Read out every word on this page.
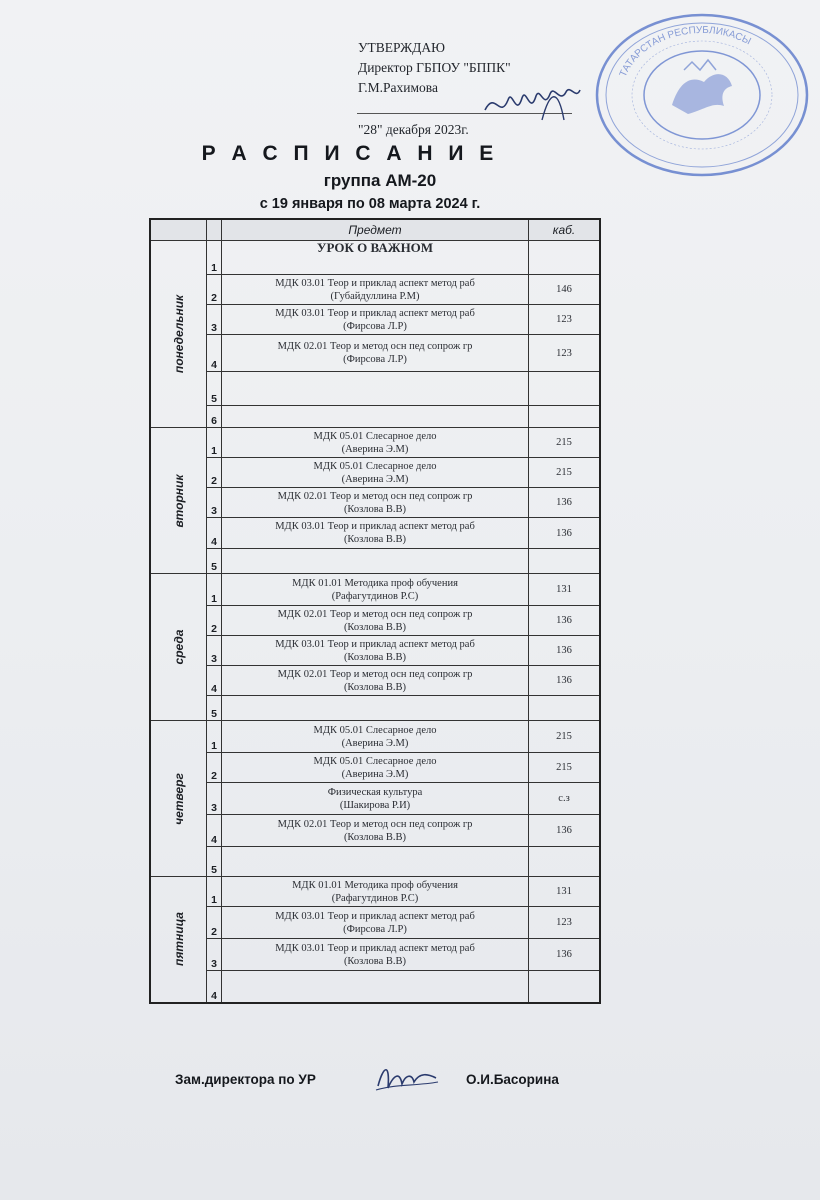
УТВЕРЖДАЮ
Директор ГБПОУ "БППК"
Г.М.Рахимова
"28" декабря 2023г.
ТАТАРСТАН РЕСПУБЛИКАСЫ
Р А С П И С А Н И Е
группа АМ-20
с 19 января по 08 марта 2024 г.
		Предмет	каб.

понедельник	1	УРОК О ВАЖНОМ	

	2	МДК 03.01 Теор и приклад аспект метод раб
(Губайдуллина Р.М)	146
	3	МДК 03.01 Теор и приклад аспект метод раб
(Фирсова Л.Р)	123
	4	МДК 02.01 Теор и метод осн пед сопрож гр
(Фирсова Л.Р)	123
	5	

	6	

вторник	1	МДК 05.01 Слесарное дело
(Аверина Э.М)	215
	2	МДК 05.01 Слесарное дело
(Аверина Э.М)	215
	3	МДК 02.01 Теор и метод осн пед сопрож гр
(Козлова В.В)	136
	4	МДК 03.01 Теор и приклад аспект метод раб
(Козлова В.В)	136
	5	

среда	1	МДК 01.01 Методика проф обучения
(Рафагутдинов Р.С)	131
	2	МДК 02.01 Теор и метод осн пед сопрож гр
(Козлова В.В)	136
	3	МДК 03.01 Теор и приклад аспект метод раб
(Козлова В.В)	136
	4	МДК 02.01 Теор и метод осн пед сопрож гр
(Козлова В.В)	136
	5	

четверг	1	МДК 05.01 Слесарное дело
(Аверина Э.М)	215
	2	МДК 05.01 Слесарное дело
(Аверина Э.М)	215
	3	Физическая культура
(Шакирова Р.И)	с.з
	4	МДК 02.01 Теор и метод осн пед сопрож гр
(Козлова В.В)	136
	5	

пятница	1	МДК 01.01 Методика проф обучения
(Рафагутдинов Р.С)	131
	2	МДК 03.01 Теор и приклад аспект метод раб
(Фирсова Л.Р)	123
	3	МДК 03.01 Теор и приклад аспект метод раб
(Козлова В.В)	136
	4	

Зам.директора по УР	О.И.Басорина
